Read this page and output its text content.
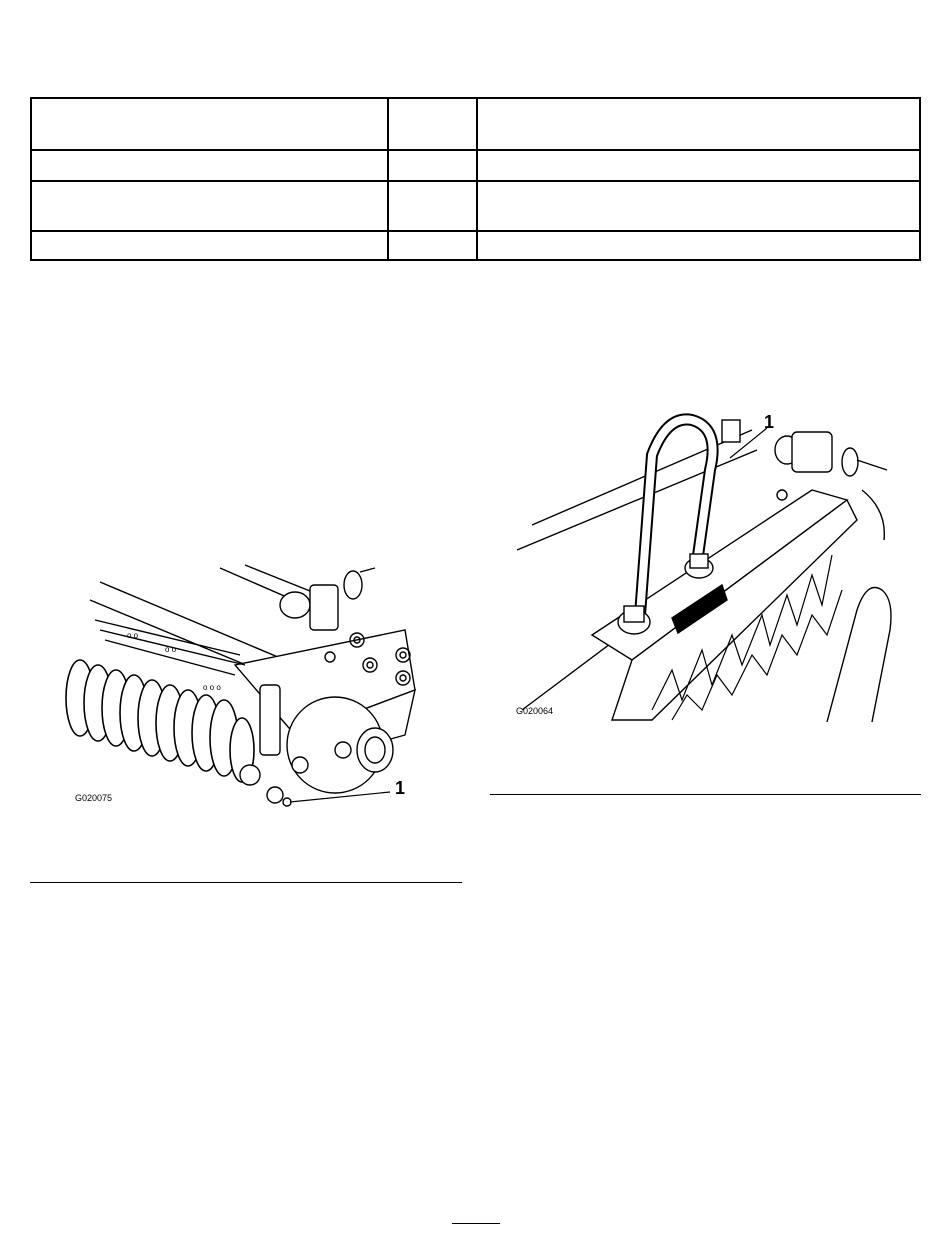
o o
o o
o o o
1
G020075
1
G020064
